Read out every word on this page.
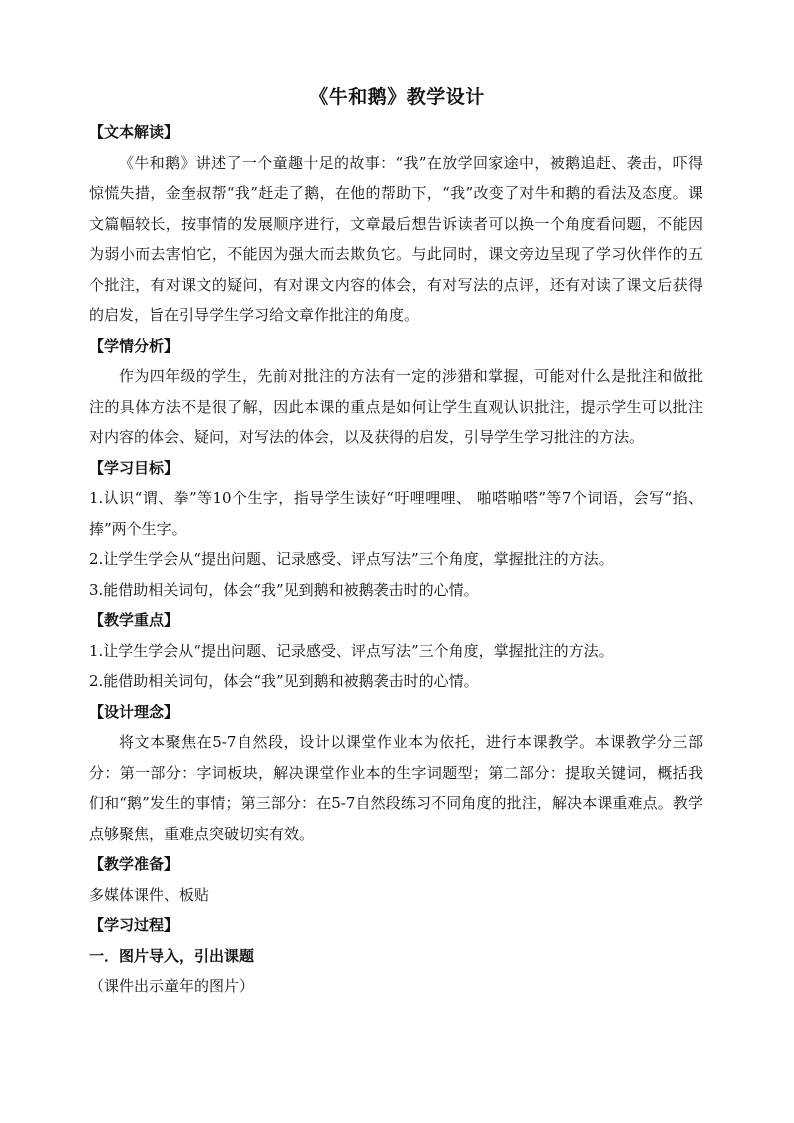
《牛和鹅》教学设计

【文本解读】

《牛和鹅》讲述了一个童趣十足的故事：“我”在放学回家途中，被鹅追赶、袭击，吓得惊慌失措，金奎叔帮“我”赶走了鹅，在他的帮助下，“我”改变了对牛和鹅的看法及态度。课文篇幅较长，按事情的发展顺序进行，文章最后想告诉读者可以换一个角度看问题，不能因为弱小而去害怕它，不能因为强大而去欺负它。与此同时，课文旁边呈现了学习伙伴作的五个批注，有对课文的疑问，有对课文内容的体会，有对写法的点评，还有对读了课文后获得的启发，旨在引导学生学习给文章作批注的角度。

【学情分析】

作为四年级的学生，先前对批注的方法有一定的涉猎和掌握，可能对什么是批注和做批注的具体方法不是很了解，因此本课的重点是如何让学生直观认识批注，提示学生可以批注对内容的体会、疑问，对写法的体会，以及获得的启发，引导学生学习批注的方法。

【学习目标】

1.认识“谓、拳”等10个生字，指导学生读好“吁哩哩哩、 啪嗒啪嗒”等7个词语，会写“掐、捧”两个生字。

2.让学生学会从“提出问题、记录感受、评点写法”三个角度，掌握批注的方法。

3.能借助相关词句，体会“我”见到鹅和被鹅袭击时的心情。

【教学重点】

1.让学生学会从“提出问题、记录感受、评点写法”三个角度，掌握批注的方法。

2.能借助相关词句，体会“我”见到鹅和被鹅袭击时的心情。

【设计理念】

将文本聚焦在5-7自然段，设计以课堂作业本为依托，进行本课教学。本课教学分三部分：第一部分：字词板块，解决课堂作业本的生字词题型；第二部分：提取关键词，概括我们和“鹅”发生的事情；第三部分：在5-7自然段练习不同角度的批注，解决本课重难点。教学点够聚焦，重难点突破切实有效。

【教学准备】

多媒体课件、板贴

【学习过程】

一．图片导入，引出课题

（课件出示童年的图片）
